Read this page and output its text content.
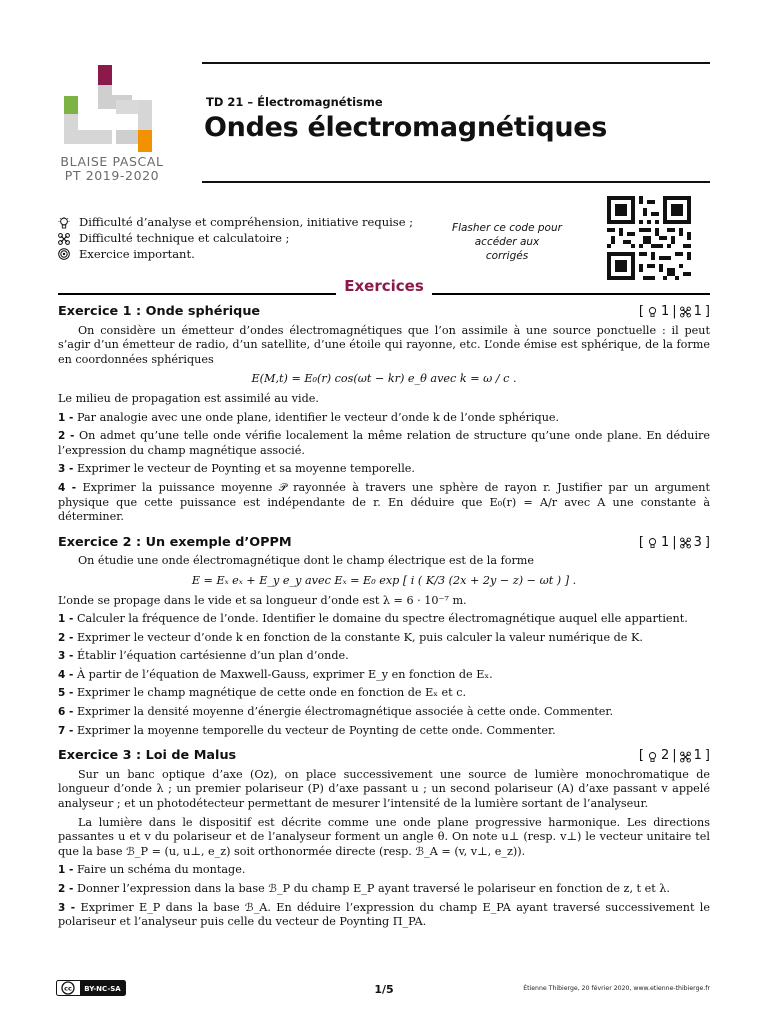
BLAISE PASCAL
PT 2019-2020
TD 21 – Électromagnétisme
Ondes électromagnétiques
Difficulté d’analyse et compréhension, initiative requise ;
Difficulté technique et calculatoire ;
Exercice important.
Flasher ce code pour accéder aux corrigés
Exercices
Exercice 1 : Onde sphérique	[ 1 | 1 ]

On considère un émetteur d’ondes électromagnétiques que l’on assimile à une source ponctuelle : il peut s’agir d’un émetteur de radio, d’un satellite, d’une étoile qui rayonne, etc. L’onde émise est sphérique, de la forme en coordonnées sphériques

E(M,t) = E₀(r) cos(ωt − kr) e_θ avec k = ω / c .

Le milieu de propagation est assimilé au vide.

1 - Par analogie avec une onde plane, identifier le vecteur d’onde k de l’onde sphérique.

2 - On admet qu’une telle onde vérifie localement la même relation de structure qu’une onde plane. En déduire l’expression du champ magnétique associé.

3 - Exprimer le vecteur de Poynting et sa moyenne temporelle.

4 - Exprimer la puissance moyenne 𝒫 rayonnée à travers une sphère de rayon r. Justifier par un argument physique que cette puissance est indépendante de r. En déduire que E₀(r) = A/r avec A une constante à déterminer.

Exercice 2 : Un exemple d’OPPM	[ 1 | 3 ]

On étudie une onde électromagnétique dont le champ électrique est de la forme

E = Eₓ eₓ + E_y e_y avec Eₓ = E₀ exp [ i ( K/3 (2x + 2y − z) − ωt ) ] .

L’onde se propage dans le vide et sa longueur d’onde est λ = 6 · 10⁻⁷ m.

1 - Calculer la fréquence de l’onde. Identifier le domaine du spectre électromagnétique auquel elle appartient.

2 - Exprimer le vecteur d’onde k en fonction de la constante K, puis calculer la valeur numérique de K.

3 - Établir l’équation cartésienne d’un plan d’onde.

4 - À partir de l’équation de Maxwell-Gauss, exprimer E_y en fonction de Eₓ.

5 - Exprimer le champ magnétique de cette onde en fonction de Eₓ et c.

6 - Exprimer la densité moyenne d’énergie électromagnétique associée à cette onde. Commenter.

7 - Exprimer la moyenne temporelle du vecteur de Poynting de cette onde. Commenter.

Exercice 3 : Loi de Malus	[ 2 | 1 ]

Sur un banc optique d’axe (Oz), on place successivement une source de lumière monochromatique de longueur d’onde λ ; un premier polariseur (P) d’axe passant u ; un second polariseur (A) d’axe passant v appelé analyseur ; et un photodétecteur permettant de mesurer l’intensité de la lumière sortant de l’analyseur.

La lumière dans le dispositif est décrite comme une onde plane progressive harmonique. Les directions passantes u et v du polariseur et de l’analyseur forment un angle θ. On note u⊥ (resp. v⊥) le vecteur unitaire tel que la base ℬ_P = (u, u⊥, e_z) soit orthonormée directe (resp. ℬ_A = (v, v⊥, e_z)).

1 - Faire un schéma du montage.

2 - Donner l’expression dans la base ℬ_P du champ E_P ayant traversé le polariseur en fonction de z, t et λ.

3 - Exprimer E_P dans la base ℬ_A. En déduire l’expression du champ E_PA ayant traversé successivement le polariseur et l’analyseur puis celle du vecteur de Poynting Π_PA.

cc BY-NC-SA	1/5	Étienne Thibierge, 20 février 2020, www.etienne-thibierge.fr
